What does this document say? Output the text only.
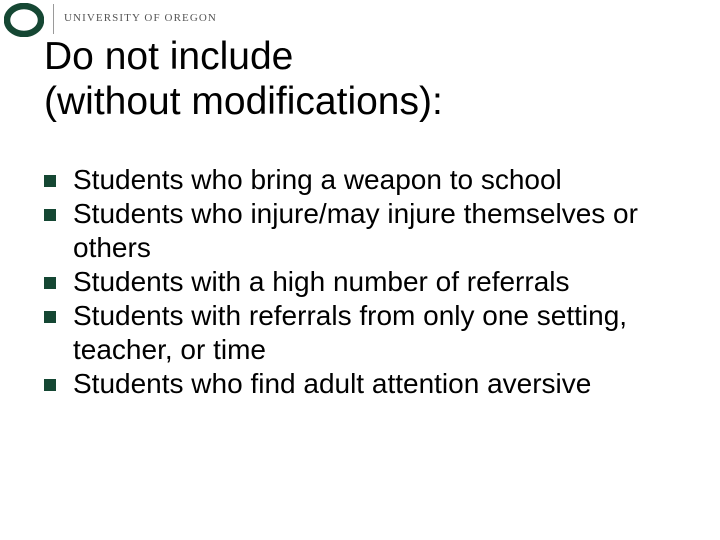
UNIVERSITY OF OREGON
Do not include
(without modifications):
Students who bring a weapon to school
Students who injure/may injure themselves or others
Students with a high number of referrals
Students with referrals from only one setting, teacher, or time
Students who find adult attention aversive
